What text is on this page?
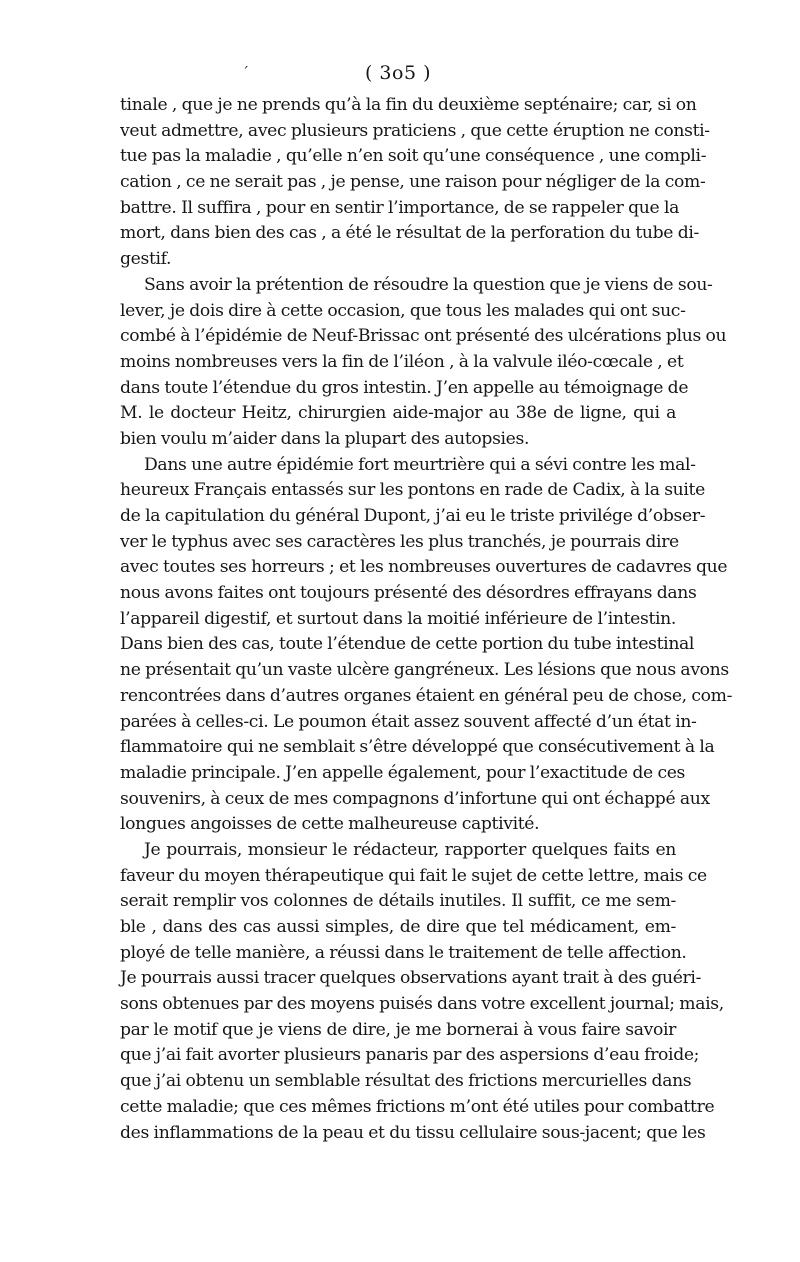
´	( 3o5 )
tinale , que je ne prends qu’à la fin du deuxième septénaire; car, si on
veut admettre, avec plusieurs praticiens , que cette éruption ne consti-
tue pas la maladie , qu’elle n’en soit qu’une conséquence , une compli-
cation , ce ne serait pas , je pense, une raison pour négliger de la com-
battre. Il suffira , pour en sentir l’importance, de se rappeler que la
mort, dans bien des cas , a été le résultat de la perforation du tube di-
gestif.
Sans avoir la prétention de résoudre la question que je viens de sou-
lever, je dois dire à cette occasion, que tous les malades qui ont suc-
combé à l’épidémie de Neuf-Brissac ont présenté des ulcérations plus ou
moins nombreuses vers la fin de l’iléon , à la valvule iléo-cœcale , et
dans toute l’étendue du gros intestin. J’en appelle au témoignage de
M. le docteur Heitz, chirurgien aide-major au 38e de ligne, qui a
bien voulu m’aider dans la plupart des autopsies.
Dans une autre épidémie fort meurtrière qui a sévi contre les mal-
heureux Français entassés sur les pontons en rade de Cadix, à la suite
de la capitulation du général Dupont, j’ai eu le triste privilége d’obser-
ver le typhus avec ses caractères les plus tranchés, je pourrais dire
avec toutes ses horreurs ; et les nombreuses ouvertures de cadavres que
nous avons faites ont toujours présenté des désordres effrayans dans
l’appareil digestif, et surtout dans la moitié inférieure de l’intestin.
Dans bien des cas, toute l’étendue de cette portion du tube intestinal
ne présentait qu’un vaste ulcère gangréneux. Les lésions que nous avons
rencontrées dans d’autres organes étaient en général peu de chose, com-
parées à celles-ci. Le poumon était assez souvent affecté d’un état in-
flammatoire qui ne semblait s’être développé que consécutivement à la
maladie principale. J’en appelle également, pour l’exactitude de ces
souvenirs, à ceux de mes compagnons d’infortune qui ont échappé aux
longues angoisses de cette malheureuse captivité.
Je pourrais, monsieur le rédacteur, rapporter quelques faits en
faveur du moyen thérapeutique qui fait le sujet de cette lettre, mais ce
serait remplir vos colonnes de détails inutiles. Il suffit, ce me sem-
ble , dans des cas aussi simples, de dire que tel médicament, em-
ployé de telle manière, a réussi dans le traitement de telle affection.
Je pourrais aussi tracer quelques observations ayant trait à des guéri-
sons obtenues par des moyens puisés dans votre excellent journal; mais,
par le motif que je viens de dire, je me bornerai à vous faire savoir
que j’ai fait avorter plusieurs panaris par des aspersions d’eau froide;
que j’ai obtenu un semblable résultat des frictions mercurielles dans
cette maladie; que ces mêmes frictions m’ont été utiles pour combattre
des inflammations de la peau et du tissu cellulaire sous-jacent; que les
